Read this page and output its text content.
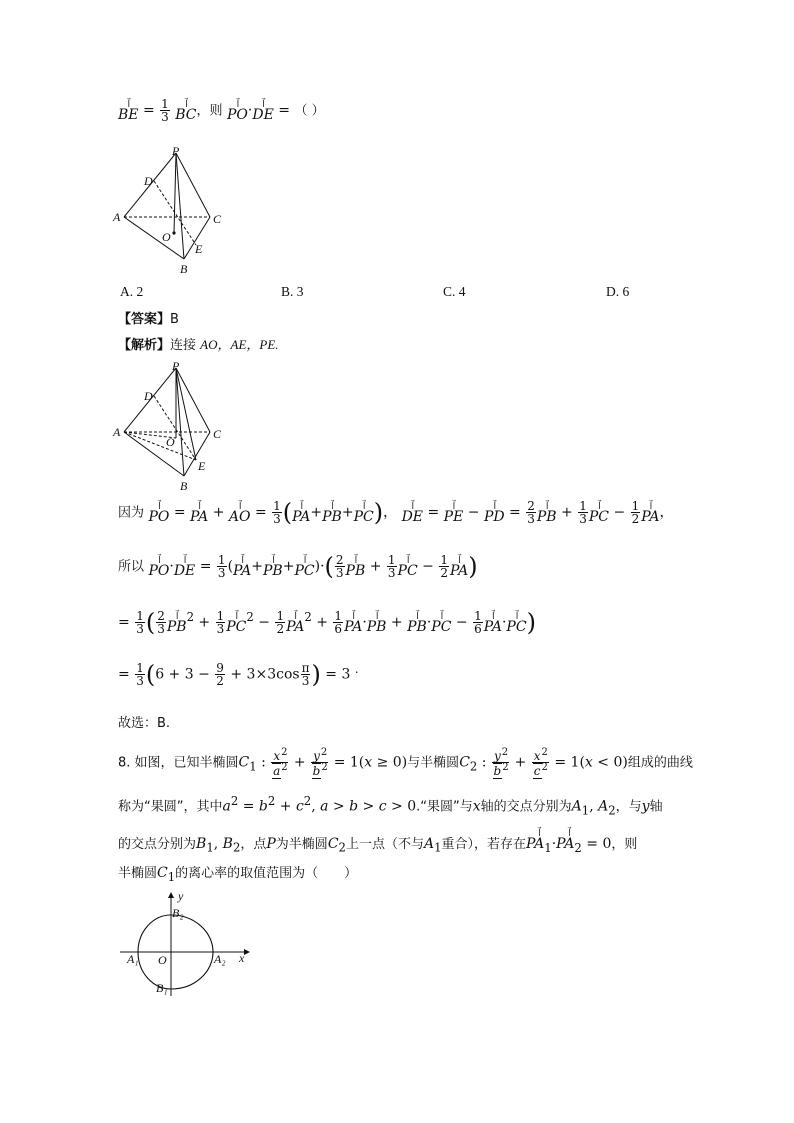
ꟾ⃗
BE = $\frac{1}{3}$
	ꟾ⃗
BC，则	ꟾ⃗
PO·	ꟾ⃗
DE = （ ）
P
D
A	C
O
E
B
A. 2	B. 3	C. 4	D. 6
【答案】B
【解析】连接 AO，AE，PE.
P
D
A	C
O
E
B
因为	ꟾ⃗
PO =	ꟾ⃗
PA +	ꟾ⃗
AO = $\frac{1}{3}$ (	ꟾ⃗
PA+	ꟾ⃗
PB+	ꟾ⃗
PC)，	ꟾ⃗
DE =	ꟾ⃗
PE −	ꟾ⃗
PD = $\frac{2}{3}$	ꟾ⃗
PB + $\frac{1}{3}$	ꟾ⃗
PC − $\frac{1}{2}$	ꟾ⃗
PA，
所以	ꟾ⃗
PO·	ꟾ⃗
DE = $\frac{1}{3}$ (	ꟾ⃗
PA+	ꟾ⃗
PB+	ꟾ⃗
$PC)\cdot( \frac{2}{3}$	ꟾ⃗
PB + $\frac{1}{3}$	ꟾ⃗
PC − $\frac{1}{2}$	ꟾ⃗
PA)
= $\frac{1}{3}$ ( $\frac{2}{3}$	ꟾ⃗
$PB^2 + \frac{1}{3}$	ꟾ⃗
$PC^2 - \frac{1}{2}$	ꟾ⃗
$PA^2 + \frac{1}{6}$	ꟾ⃗
PA·	ꟾ⃗
PB +	ꟾ⃗
PB·	ꟾ⃗
PC − $\frac{1}{6}$	ꟾ⃗
PA·	ꟾ⃗
PC)
= $\frac{1}{3} (6 + 3 - \frac{9}{2} + 3\times 3\cos \frac{\pi}{3}$ ) = 3 .
故选：B.
8. 如图，已知半椭圆$C_1$ : $\frac{x^2}{a^2} + \frac{y^2}{b^2} = 1(x \ge 0)$与半椭圆$C_2$ : $\frac{y^2}{b^2} + \frac{x^2}{c^2} = 1(x < 0)$组成的曲线
称为“果圆”，其中$a^2 = b^2 + c^2$, a > b > c > 0.“果圆”与x轴的交点分别为$A_1$, $A_2$，与y轴
的交点分别为$B_1$, $B_2$，点P为半椭圆$C_2$上一点（不与$A_1$重合），若存在
ꟾ⃗
$PA_1\cdot$
ꟾ⃗
$PA_2 = 0$，则
半椭圆$C_1$的离心率的取值范围为（　　）
y
x
B₂
B₁
A₁	A₂
O
